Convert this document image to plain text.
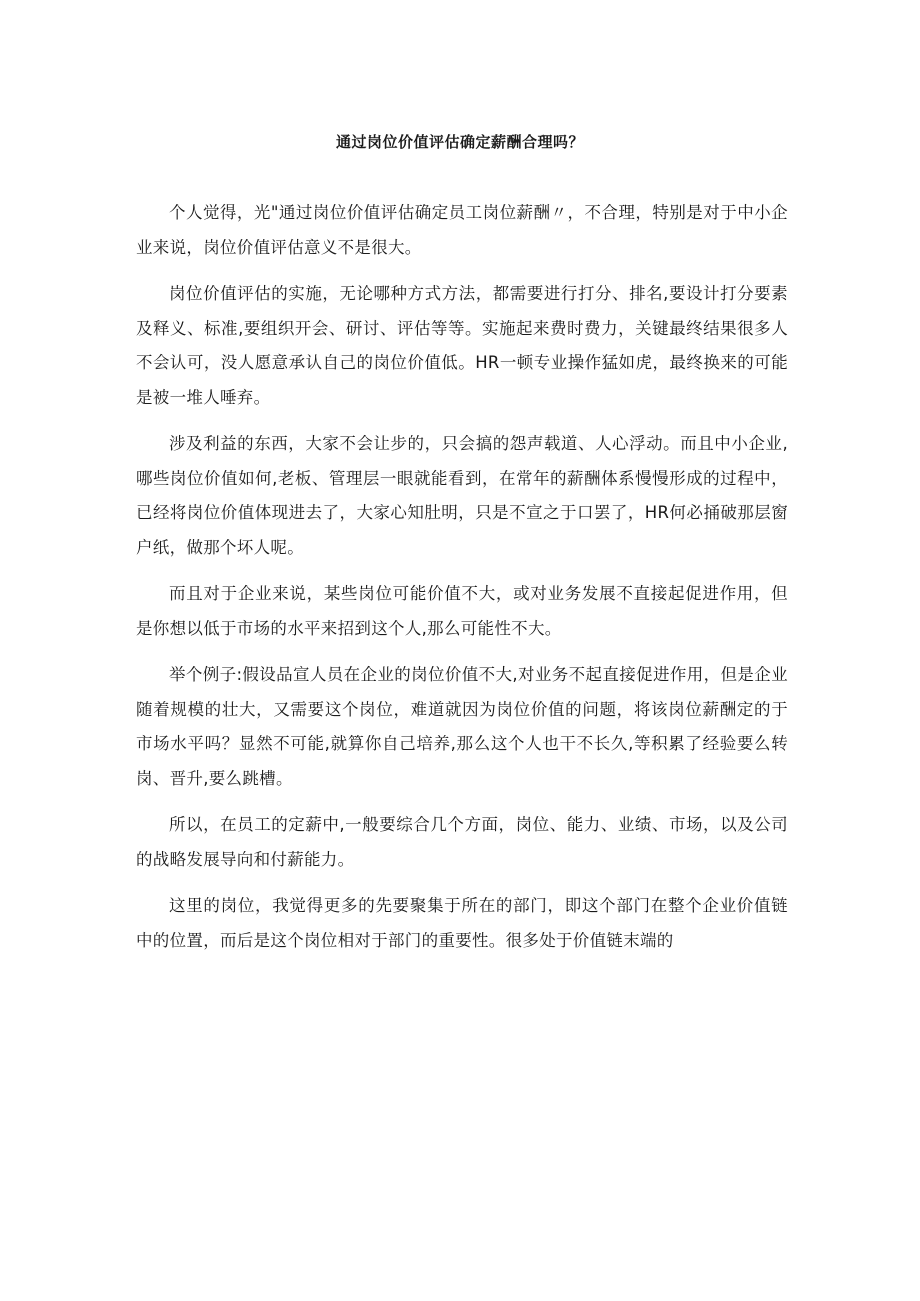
通过岗位价值评估确定薪酬合理吗？

个人觉得，光"通过岗位价值评估确定员工岗位薪酬〃，不合理，特别是对于中小企业来说，岗位价值评估意义不是很大。

岗位价值评估的实施，无论哪种方式方法，都需要进行打分、排名,要设计打分要素及释义、标准,要组织开会、研讨、评估等等。实施起来费时费力，关键最终结果很多人不会认可，没人愿意承认自己的岗位价值低。HR一顿专业操作猛如虎，最终换来的可能是被一堆人唾弃。

涉及利益的东西，大家不会让步的，只会搞的怨声载道、人心浮动。而且中小企业,哪些岗位价值如何,老板、管理层一眼就能看到，在常年的薪酬体系慢慢形成的过程中，已经将岗位价值体现进去了，大家心知肚明，只是不宣之于口罢了，HR何必捅破那层窗户纸，做那个坏人呢。

而且对于企业来说，某些岗位可能价值不大，或对业务发展不直接起促进作用，但是你想以低于市场的水平来招到这个人,那么可能性不大。

举个例子:假设品宣人员在企业的岗位价值不大,对业务不起直接促进作用，但是企业随着规模的壮大，又需要这个岗位，难道就因为岗位价值的问题，将该岗位薪酬定的于市场水平吗？显然不可能,就算你自己培养,那么这个人也干不长久,等积累了经验要么转岗、晋升,要么跳槽。

所以，在员工的定薪中,一般要综合几个方面，岗位、能力、业绩、市场，以及公司的战略发展导向和付薪能力。

这里的岗位，我觉得更多的先要聚集于所在的部门，即这个部门在整个企业价值链中的位置，而后是这个岗位相对于部门的重要性。很多处于价值链末端的
